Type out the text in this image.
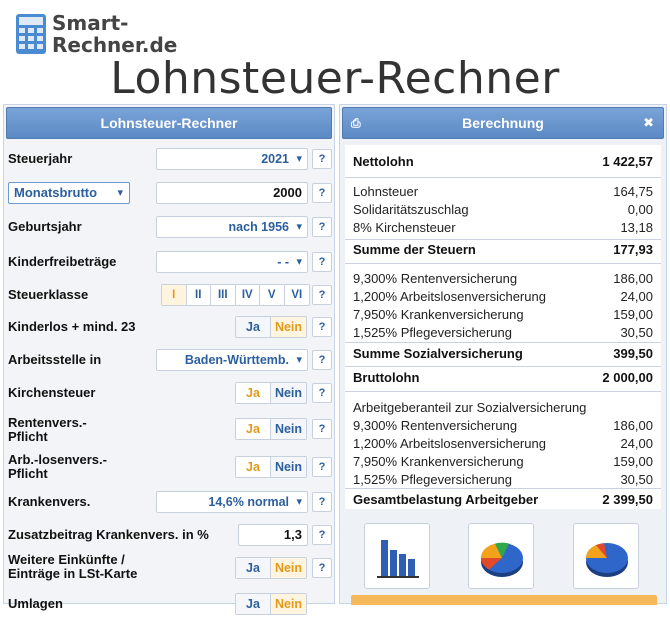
Smart-
Rechner.de
Lohnsteuer-Rechner
Lohnsteuer-Rechner
Steuerjahr	2021 ▾	?
Monatsbrutto ▾	2000	?
Geburtsjahr	nach 1956 ▾	?
Kinderfreibeträge	- - ▾	?
Steuerklasse	I	II	III	IV	V	VI	?
Kinderlos + mind. 23	Ja	Nein	?
Arbeitsstelle in	Baden-Württemb. ▾	?
Kirchensteuer	Ja	Nein	?
Rentenvers.-
Pflicht	Ja	Nein	?
Arb.-losenvers.-
Pflicht	Ja	Nein	?
Krankenvers.	14,6% normal ▾	?
Zusatzbeitrag Krankenvers. in %	1,3	?
Weitere Einkünfte /
Einträge in LSt-Karte	Ja	Nein	?
Umlagen	Ja	Nein
⎙	Berechnung	✖
Nettolohn	1 422,57
Lohnsteuer	164,75
Solidaritätszuschlag	0,00
8% Kirchensteuer	13,18
Summe der Steuern	177,93
9,300% Rentenversicherung	186,00
1,200% Arbeitslosenversicherung	24,00
7,950% Krankenversicherung	159,00
1,525% Pflegeversicherung	30,50
Summe Sozialversicherung	399,50
Bruttolohn	2 000,00
Arbeitgeberanteil zur Sozialversicherung
9,300% Rentenversicherung	186,00
1,200% Arbeitslosenversicherung	24,00
7,950% Krankenversicherung	159,00
1,525% Pflegeversicherung	30,50
Gesamtbelastung Arbeitgeber	2 399,50
